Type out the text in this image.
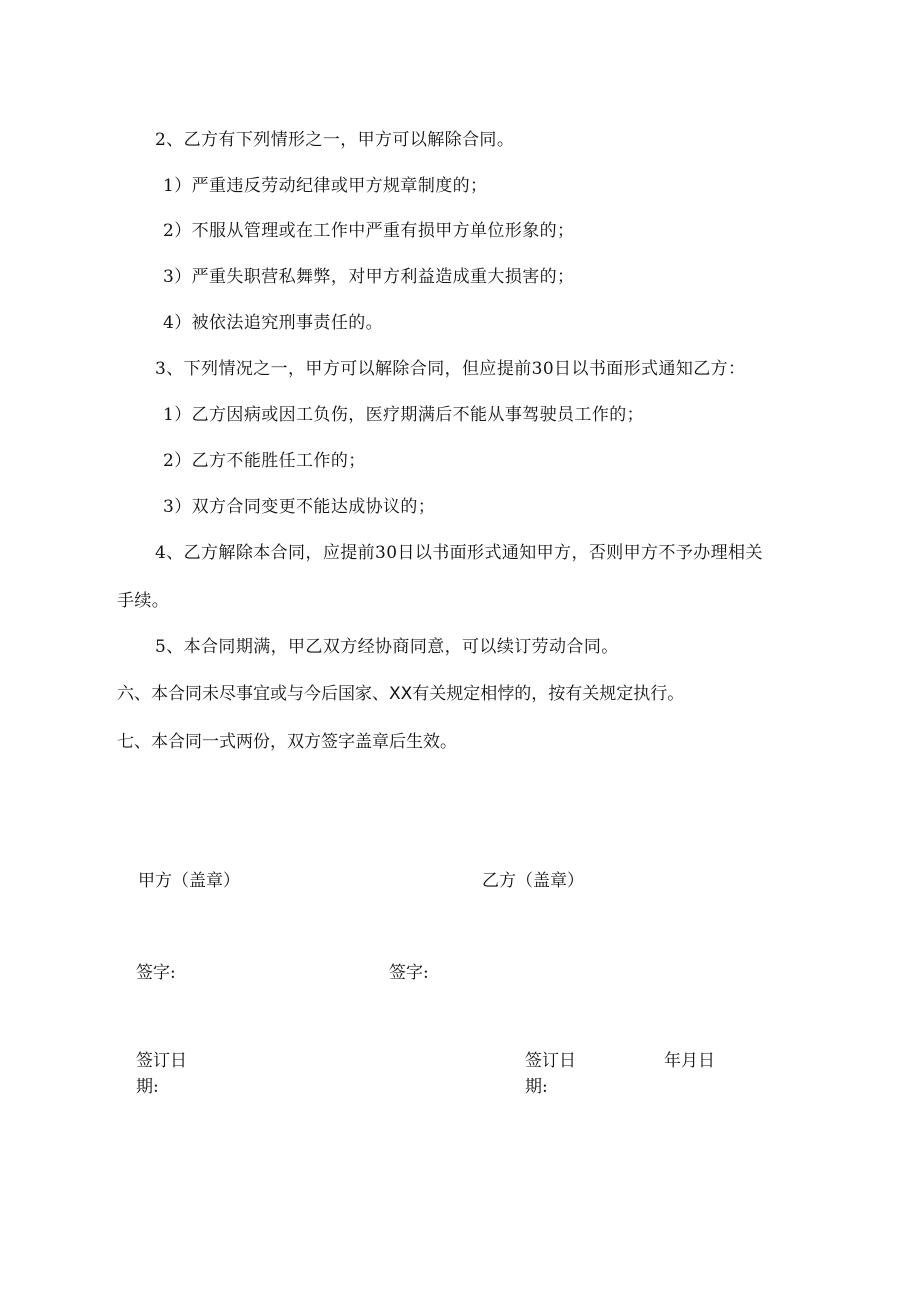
2、乙方有下列情形之一，甲方可以解除合同。
1）严重违反劳动纪律或甲方规章制度的；
2）不服从管理或在工作中严重有损甲方单位形象的；
3）严重失职营私舞弊，对甲方利益造成重大损害的；
4）被依法追究刑事责任的。
3、下列情况之一，甲方可以解除合同，但应提前30日以书面形式通知乙方：
1）乙方因病或因工负伤，医疗期满后不能从事驾驶员工作的；
2）乙方不能胜任工作的；
3）双方合同变更不能达成协议的；
4、乙方解除本合同，应提前30日以书面形式通知甲方，否则甲方不予办理相关
手续。
5、本合同期满，甲乙双方经协商同意，可以续订劳动合同。
六、本合同未尽事宜或与今后国家、XX有关规定相悖的，按有关规定执行。
七、本合同一式两份，双方签字盖章后生效。
甲方（盖章）	乙方（盖章）
签字:	签字:
签订日期:
签订日期:
年月日
